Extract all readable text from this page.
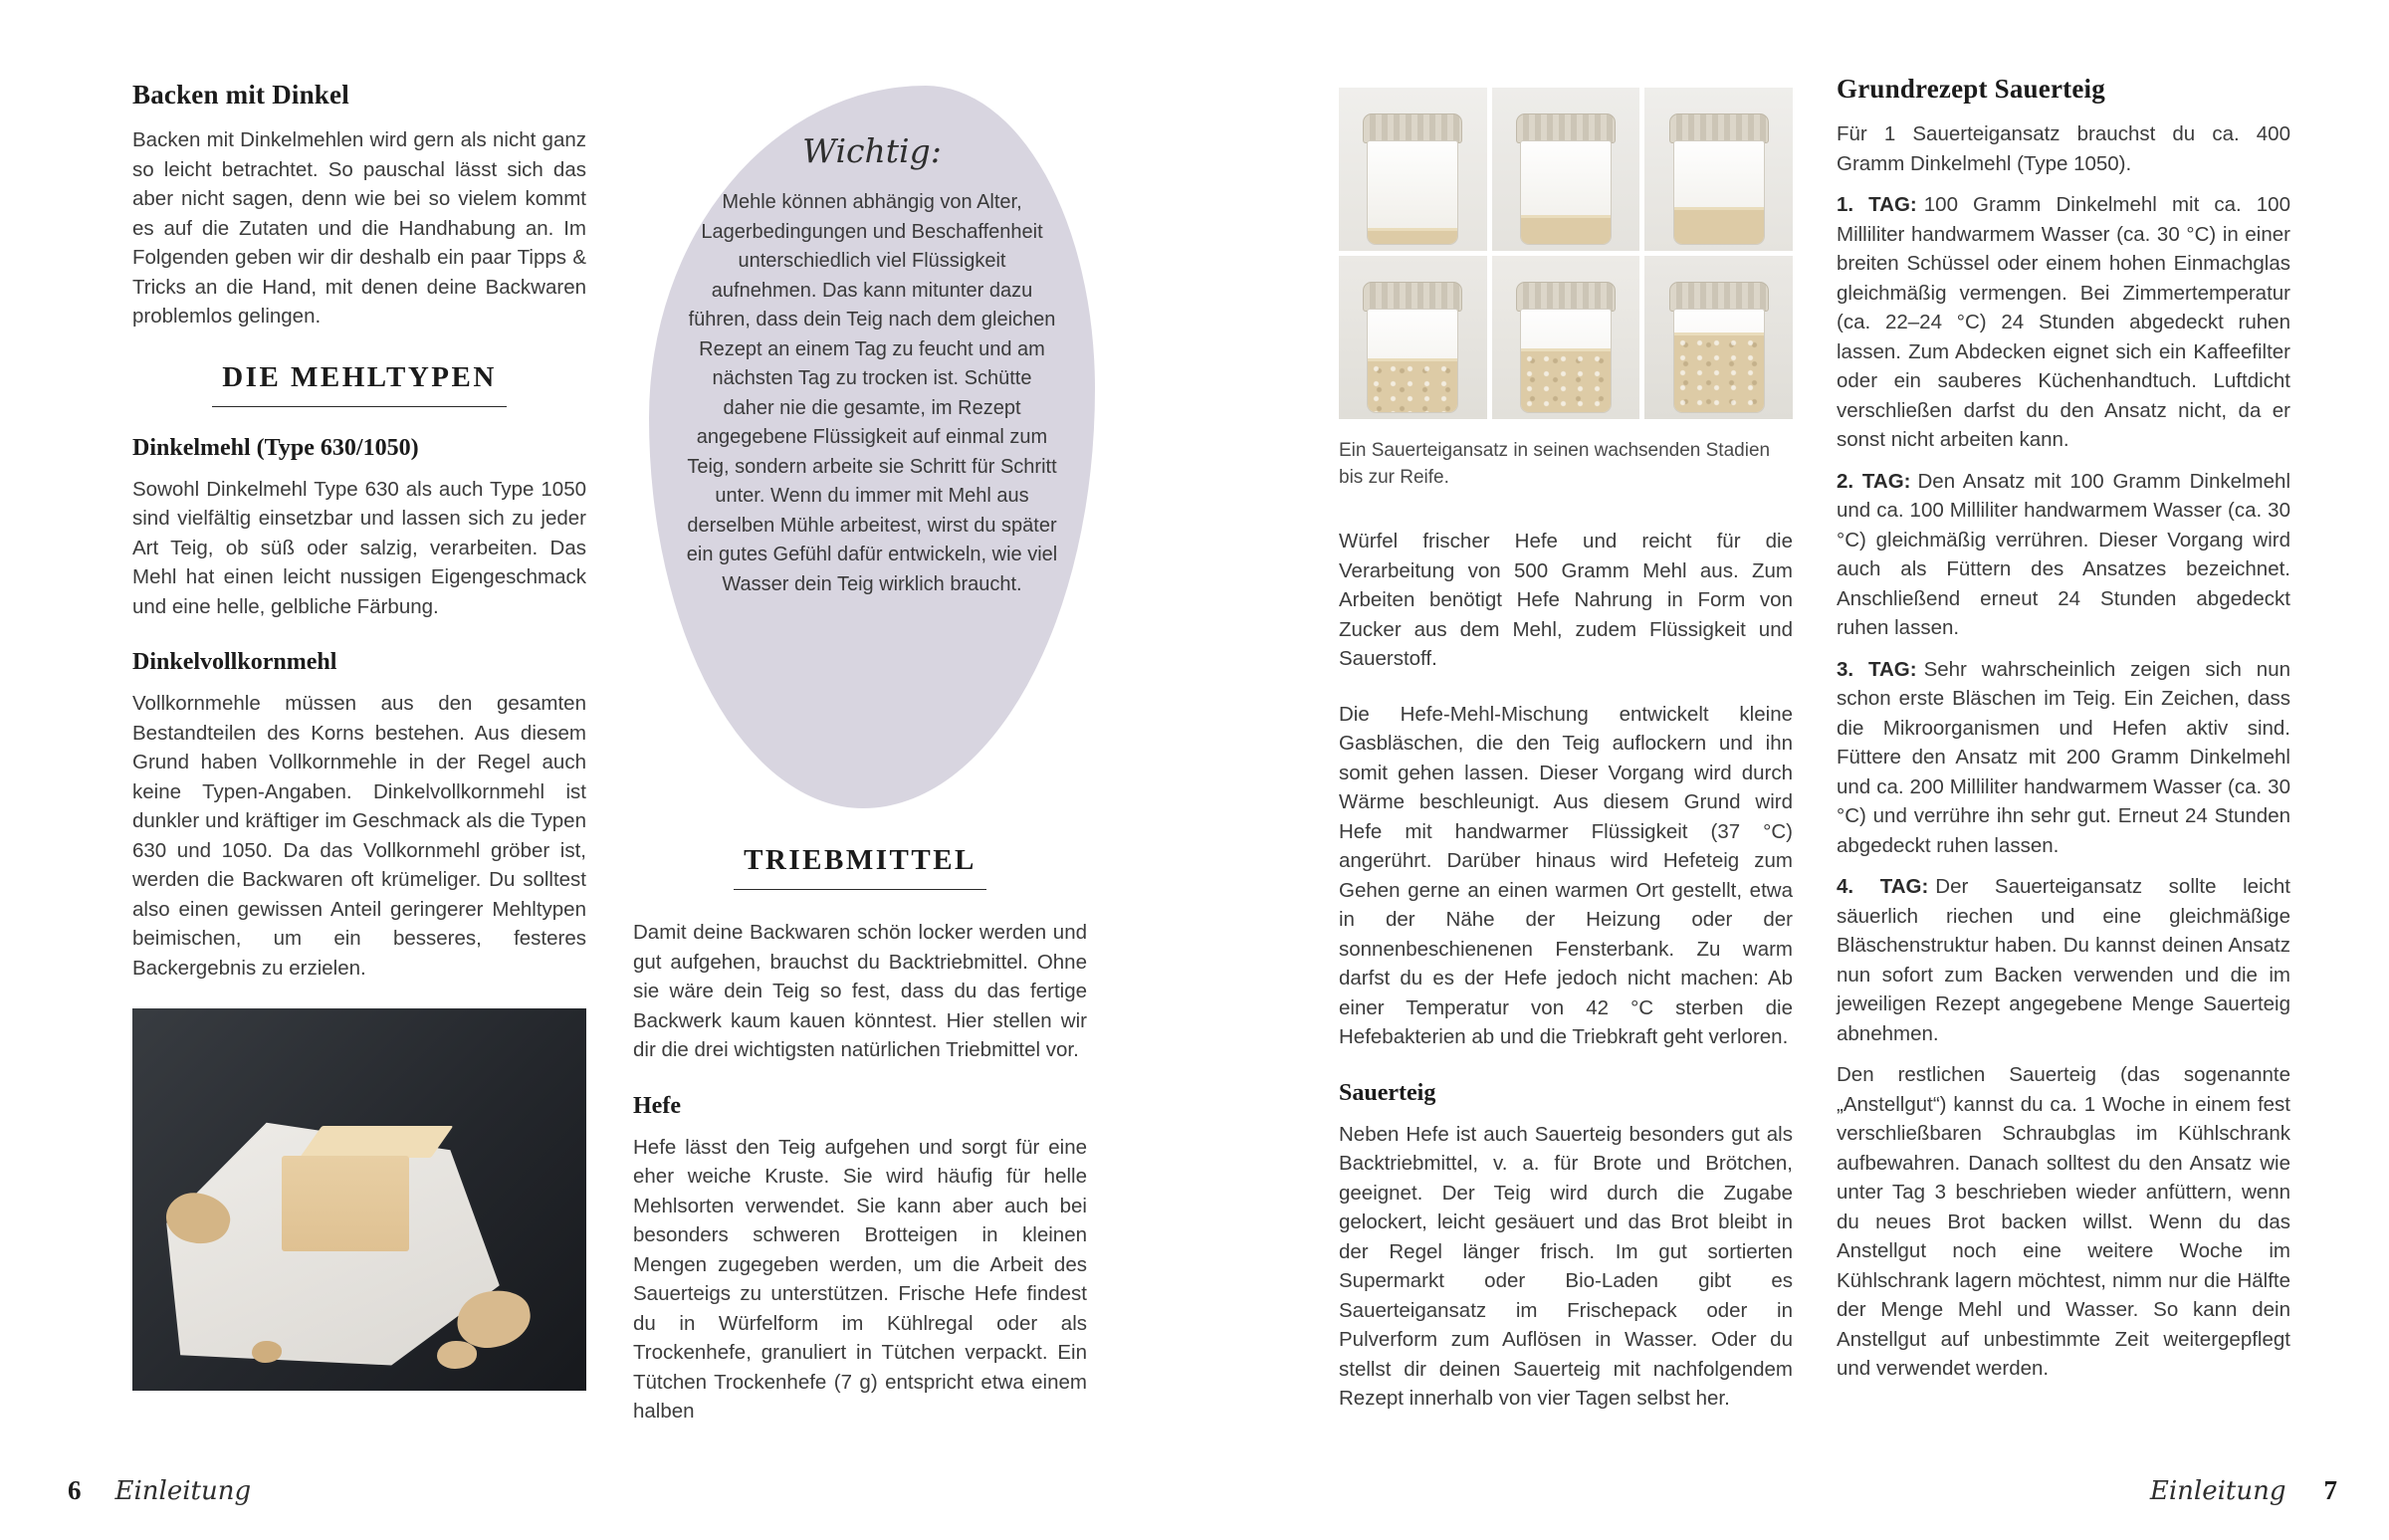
Backen mit Dinkel

Backen mit Dinkelmehlen wird gern als nicht ganz so leicht betrachtet. So pauschal lässt sich das aber nicht sagen, denn wie bei so vielem kommt es auf die Zutaten und die Handhabung an. Im Folgenden geben wir dir deshalb ein paar Tipps & Tricks an die Hand, mit denen deine Backwaren problemlos gelingen.

DIE MEHLTYPEN
Dinkelmehl (Type 630/1050)

Sowohl Dinkelmehl Type 630 als auch Type 1050 sind vielfältig einsetzbar und lassen sich zu jeder Art Teig, ob süß oder salzig, verarbeiten. Das Mehl hat einen leicht nussigen Eigengeschmack und eine helle, gelbliche Färbung.

Dinkelvollkornmehl

Vollkornmehle müssen aus den gesamten Bestandteilen des Korns bestehen. Aus diesem Grund haben Vollkornmehle in der Regel auch keine Typen-Angaben. Dinkelvollkornmehl ist dunkler und kräftiger im Geschmack als die Typen 630 und 1050. Da das Vollkornmehl gröber ist, werden die Backwaren oft krümeliger. Du solltest also einen gewissen Anteil geringerer Mehltypen beimischen, um ein besseres, festeres Backergebnis zu erzielen.

Wichtig:

Mehle können abhängig von Alter, Lagerbedingungen und Beschaffenheit unterschiedlich viel Flüssigkeit aufnehmen. Das kann mitunter dazu führen, dass dein Teig nach dem gleichen Rezept an einem Tag zu feucht und am nächsten Tag zu trocken ist. Schütte daher nie die gesamte, im Rezept angegebene Flüssigkeit auf einmal zum Teig, sondern arbeite sie Schritt für Schritt unter. Wenn du immer mit Mehl aus derselben Mühle arbeitest, wirst du später ein gutes Gefühl dafür entwickeln, wie viel Wasser dein Teig wirklich braucht.

TRIEBMITTEL

Damit deine Backwaren schön locker werden und gut aufgehen, brauchst du Backtriebmittel. Ohne sie wäre dein Teig so fest, dass du das fertige Backwerk kaum kauen könntest. Hier stellen wir dir die drei wichtigsten natürlichen Triebmittel vor.

Hefe

Hefe lässt den Teig aufgehen und sorgt für eine eher weiche Kruste. Sie wird häufig für helle Mehlsorten verwendet. Sie kann aber auch bei besonders schweren Brotteigen in kleinen Mengen zugegeben werden, um die Arbeit des Sauerteigs zu unterstützen. Frische Hefe findest du in Würfelform im Kühlregal oder als Trockenhefe, granuliert in Tütchen verpackt. Ein Tütchen Trockenhefe (7 g) entspricht etwa einem halben

Ein Sauerteigansatz in seinen wachsenden Stadien bis zur Reife.

Würfel frischer Hefe und reicht für die Verarbeitung von 500 Gramm Mehl aus. Zum Arbeiten benötigt Hefe Nahrung in Form von Zucker aus dem Mehl, zudem Flüssigkeit und Sauerstoff.

Die Hefe-Mehl-Mischung entwickelt kleine Gasbläschen, die den Teig auflockern und ihn somit gehen lassen. Dieser Vorgang wird durch Wärme beschleunigt. Aus diesem Grund wird Hefe mit handwarmer Flüssigkeit (37 °C) angerührt. Darüber hinaus wird Hefeteig zum Gehen gerne an einen warmen Ort gestellt, etwa in der Nähe der Heizung oder der sonnenbeschienenen Fensterbank. Zu warm darfst du es der Hefe jedoch nicht machen: Ab einer Temperatur von 42 °C sterben die Hefebakterien ab und die Triebkraft geht verloren.

Sauerteig

Neben Hefe ist auch Sauerteig besonders gut als Backtriebmittel, v. a. für Brote und Brötchen, geeignet. Der Teig wird durch die Zugabe gelockert, leicht gesäuert und das Brot bleibt in der Regel länger frisch. Im gut sortierten Supermarkt oder Bio-Laden gibt es Sauerteigansatz im Frischepack oder in Pulverform zum Auflösen in Wasser. Oder du stellst dir deinen Sauerteig mit nachfolgendem Rezept innerhalb von vier Tagen selbst her.

Grundrezept Sauerteig

Für 1 Sauerteigansatz brauchst du ca. 400 Gramm Dinkelmehl (Type 1050).

1. TAG: 100 Gramm Dinkelmehl mit ca. 100 Milliliter handwarmem Wasser (ca. 30 °C) in einer breiten Schüssel oder einem hohen Einmachglas gleichmäßig vermengen. Bei Zimmertemperatur (ca. 22–24 °C) 24 Stunden abgedeckt ruhen lassen. Zum Abdecken eignet sich ein Kaffeefilter oder ein sauberes Küchenhandtuch. Luftdicht verschließen darfst du den Ansatz nicht, da er sonst nicht arbeiten kann.

2. TAG: Den Ansatz mit 100 Gramm Dinkelmehl und ca. 100 Milliliter handwarmem Wasser (ca. 30 °C) gleichmäßig verrühren. Dieser Vorgang wird auch als Füttern des Ansatzes bezeichnet. Anschließend erneut 24 Stunden abgedeckt ruhen lassen.

3. TAG: Sehr wahrscheinlich zeigen sich nun schon erste Bläschen im Teig. Ein Zeichen, dass die Mikroorganismen und Hefen aktiv sind. Füttere den Ansatz mit 200 Gramm Dinkelmehl und ca. 200 Milliliter handwarmem Wasser (ca. 30 °C) und verrühre ihn sehr gut. Erneut 24 Stunden abgedeckt ruhen lassen.

4. TAG: Der Sauerteigansatz sollte leicht säuerlich riechen und eine gleichmäßige Bläschenstruktur haben. Du kannst deinen Ansatz nun sofort zum Backen verwenden und die im jeweiligen Rezept angegebene Menge Sauerteig abnehmen.

Den restlichen Sauerteig (das sogenannte „Anstellgut“) kannst du ca. 1 Woche in einem fest verschließbaren Schraubglas im Kühlschrank aufbewahren. Danach solltest du den Ansatz wie unter Tag 3 beschrieben wieder anfüttern, wenn du neues Brot backen willst. Wenn du das Anstellgut noch eine weitere Woche im Kühlschrank lagern möchtest, nimm nur die Hälfte der Menge Mehl und Wasser. So kann dein Anstellgut auf unbestimmte Zeit weitergepflegt und verwendet werden.

6 Einleitung	Einleitung 7
